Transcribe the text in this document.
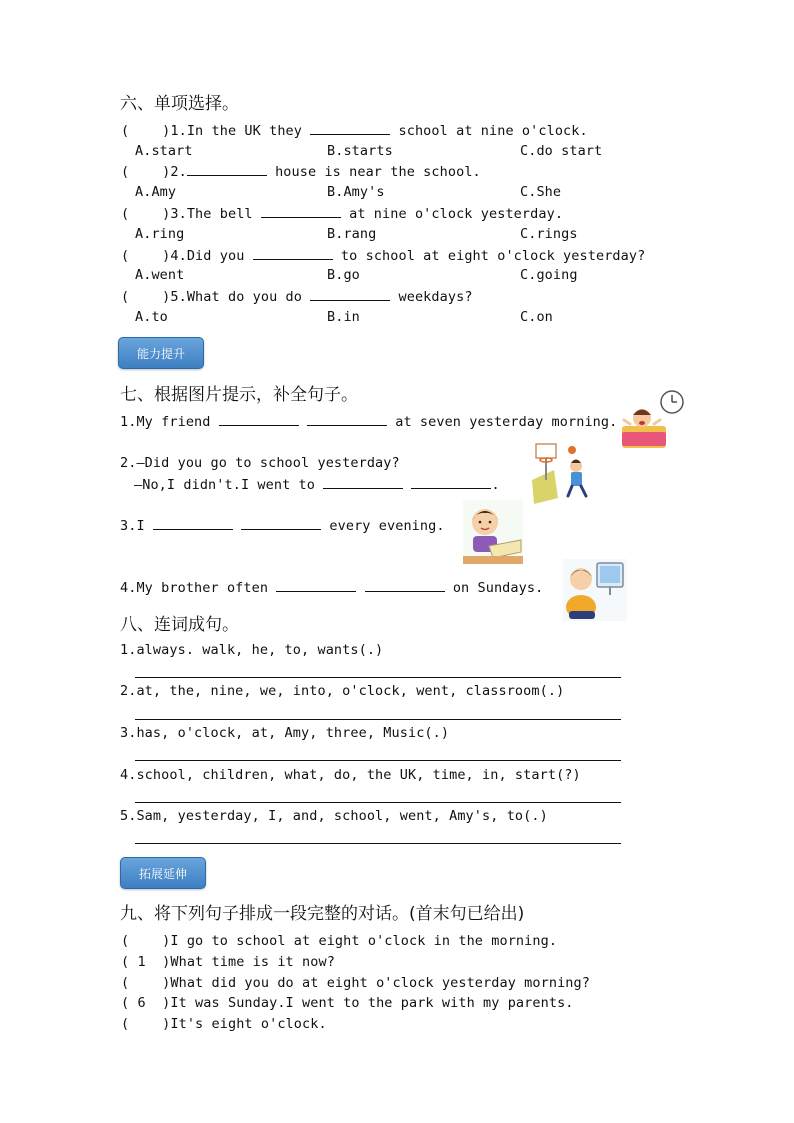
六、单项选择。
(    )1.In the UK they	school at nine o'clock.
A.start	B.starts	C.do start
(    )2.	house is near the school.
A.Amy	B.Amy's	C.She
(    )3.The bell	at nine o'clock yesterday.
A.ring	B.rang	C.rings
(    )4.Did you	to school at eight o'clock yesterday?
A.went	B.go	C.going
(    )5.What do you do	weekdays?
A.to	B.in	C.on
能力提升
七、根据图片提示，补全句子。
1.My friend	at seven yesterday morning.
2.—Did you go to school yesterday?
—No,I didn't.I went to	.
3.I	every evening.
4.My brother often	on Sundays.
八、连词成句。
1.always. walk, he, to, wants(.)
2.at, the, nine, we, into, o'clock, went, classroom(.)
3.has, o'clock, at, Amy, three, Music(.)
4.school, children, what, do, the UK, time, in, start(?)
5.Sam, yesterday, I, and, school, went, Amy's, to(.)
拓展延伸
九、将下列句子排成一段完整的对话。(首末句已给出)
(    )I go to school at eight o'clock in the morning.
( 1  )What time is it now?
(    )What did you do at eight o'clock yesterday morning?
( 6  )It was Sunday.I went to the park with my parents.
(    )It's eight o'clock.
